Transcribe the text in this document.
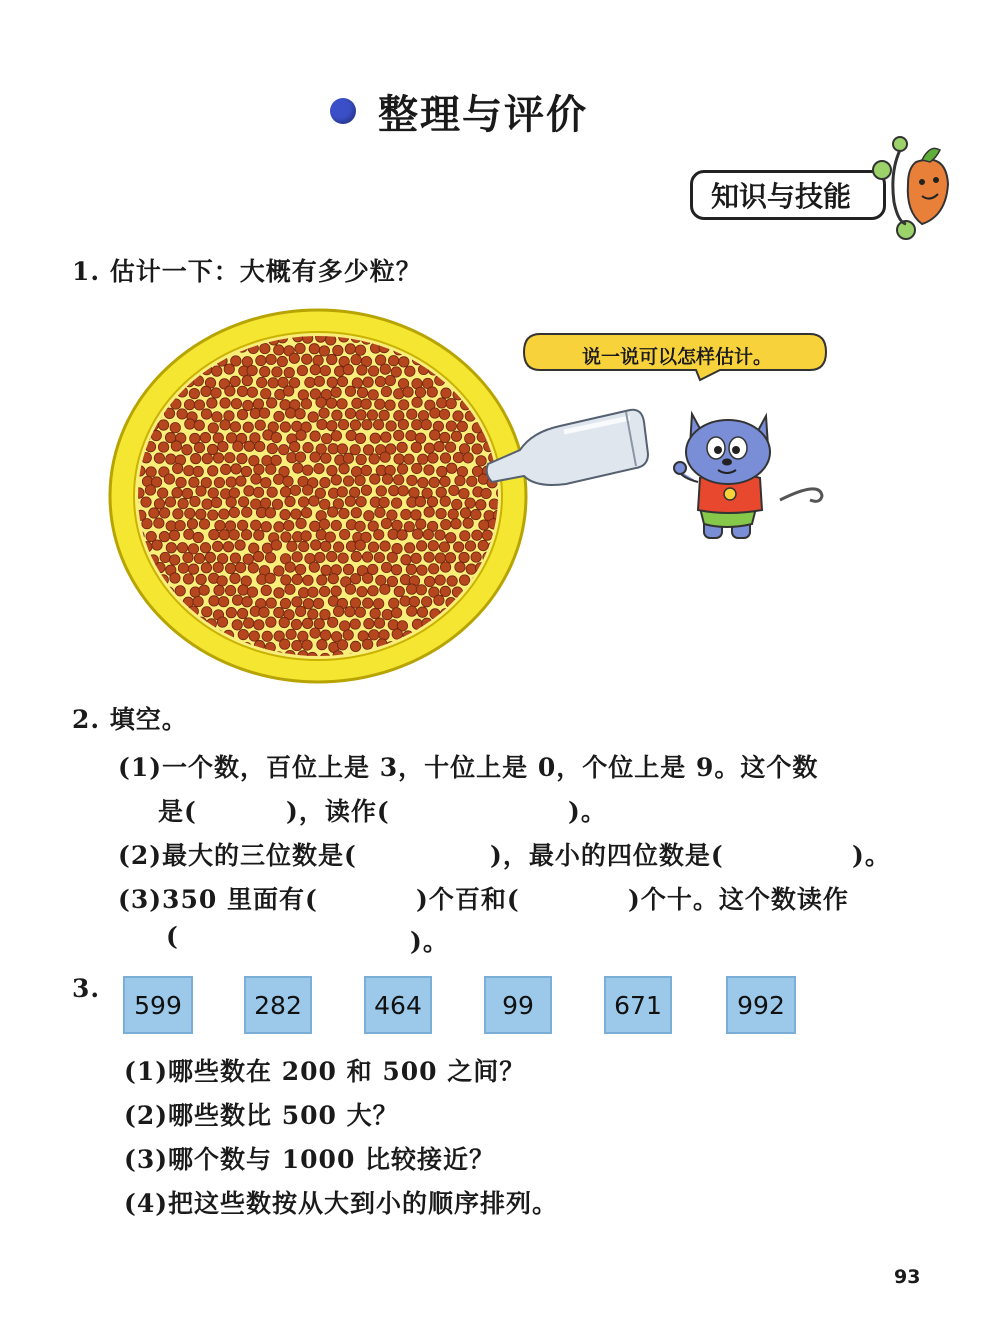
整理与评价
知识与技能
1. 估计一下：大概有多少粒？
说一说可以怎样估计。
2. 填空。
(1)一个数，百位上是 3，十位上是 0，个位上是 9。这个数
是(	)，读作(	)。
(2)最大的三位数是(	)，最小的四位数是(	)。
(3)350 里面有(	)个百和(	)个十。这个数读作
(	)。
3.
599	282	464	99	671	992
(1)哪些数在 200 和 500 之间？
(2)哪些数比 500 大？
(3)哪个数与 1000 比较接近？
(4)把这些数按从大到小的顺序排列。
93
